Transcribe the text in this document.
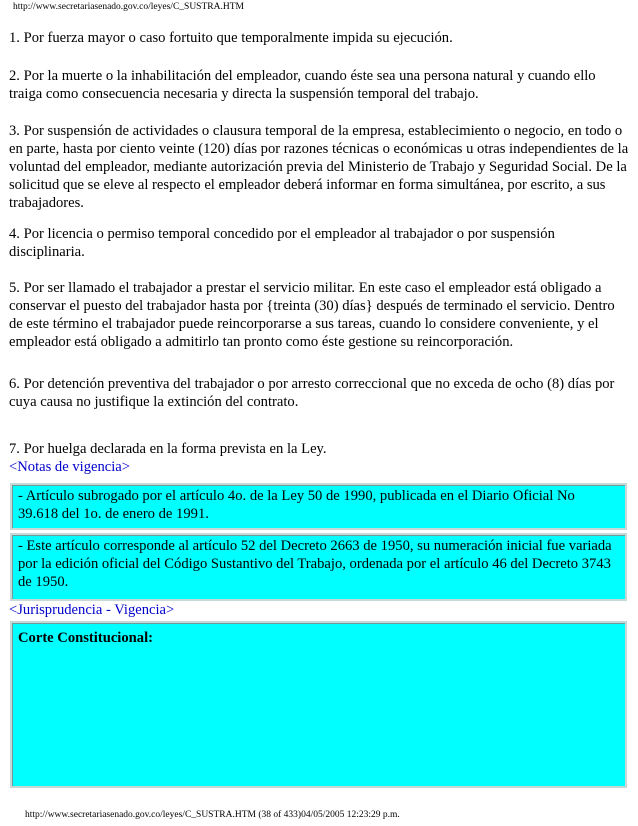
http://www.secretariasenado.gov.co/leyes/C_SUSTRA.HTM

1. Por fuerza mayor o caso fortuito que temporalmente impida su ejecución.

2. Por la muerte o la inhabilitación del empleador, cuando éste sea una persona natural y cuando ello traiga como consecuencia necesaria y directa la suspensión temporal del trabajo.

3. Por suspensión de actividades o clausura temporal de la empresa, establecimiento o negocio, en todo o en parte, hasta por ciento veinte (120) días por razones técnicas o económicas u otras independientes de la voluntad del empleador, mediante autorización previa del Ministerio de Trabajo y Seguridad Social. De la solicitud que se eleve al respecto el empleador deberá informar en forma simultánea, por escrito, a sus trabajadores.

4. Por licencia o permiso temporal concedido por el empleador al trabajador o por suspensión disciplinaria.

5. Por ser llamado el trabajador a prestar el servicio militar. En este caso el empleador está obligado a conservar el puesto del trabajador hasta por {treinta (30) días} después de terminado el servicio. Dentro de este término el trabajador puede reincorporarse a sus tareas, cuando lo considere conveniente, y el empleador está obligado a admitirlo tan pronto como éste gestione su reincorporación.

6. Por detención preventiva del trabajador o por arresto correccional que no exceda de ocho (8) días por cuya causa no justifique la extinción del contrato.

7. Por huelga declarada en la forma prevista en la Ley.

<Notas de vigencia>
- Artículo subrogado por el artículo 4o. de la Ley 50 de 1990, publicada en el Diario Oficial No 39.618 del 1o. de enero de 1991.
- Este artículo corresponde al artículo 52 del Decreto 2663 de 1950, su numeración inicial fue variada por la edición oficial del Código Sustantivo del Trabajo, ordenada por el artículo 46 del Decreto 3743 de 1950.
<Jurisprudencia - Vigencia>
Corte Constitucional:
http://www.secretariasenado.gov.co/leyes/C_SUSTRA.HTM (38 of 433)04/05/2005 12:23:29 p.m.
